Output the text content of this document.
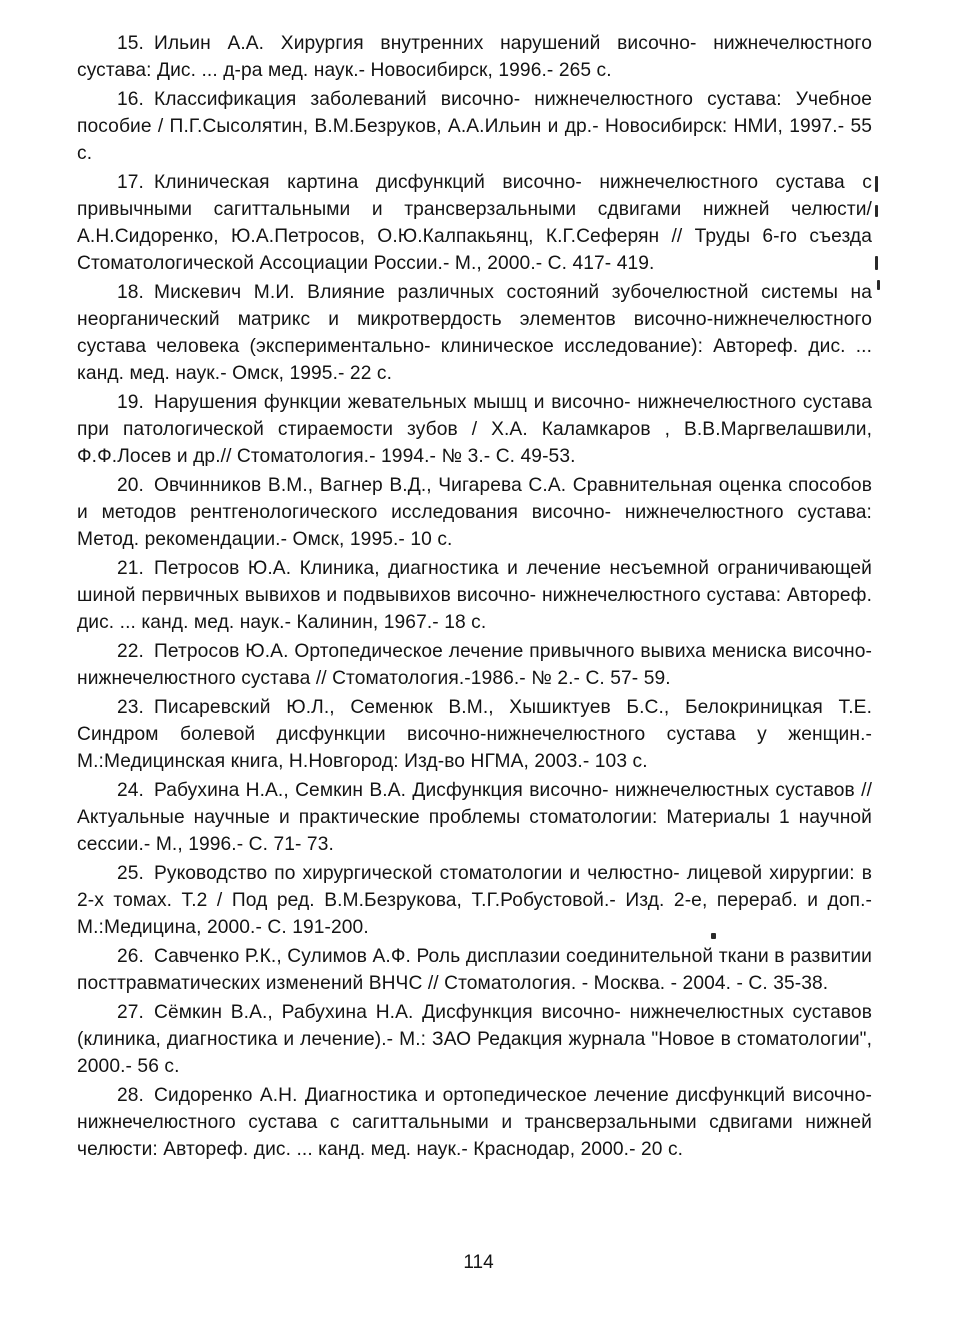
15. Ильин А.А. Хирургия внутренних нарушений височно- нижнечелюстного сустава: Дис. ... д-ра мед. наук.- Новосибирск, 1996.- 265 с.
16. Классификация заболеваний височно- нижнечелюстного сустава: Учебное пособие / П.Г.Сысолятин, В.М.Безруков, А.А.Ильин и др.- Новосибирск: НМИ, 1997.- 55 с.
17. Клиническая картина дисфункций височно- нижнечелюстного сустава с привычными сагиттальными и трансверзальными сдвигами нижней челюсти/ А.Н.Сидоренко, Ю.А.Петросов, О.Ю.Калпакьянц, К.Г.Сеферян // Труды 6-го съезда Стоматологической Ассоциации России.- М., 2000.- С. 417- 419.
18. Мискевич М.И. Влияние различных состояний зубочелюстной системы на неорганический матрикс и микротвердость элементов височно-нижнечелюстного сустава человека (экспериментально- клиническое исследование): Автореф. дис. ... канд. мед. наук.- Омск, 1995.- 22 с.
19. Нарушения функции жевательных мышц и височно- нижнечелюстного сустава при патологической стираемости зубов / Х.А. Каламкаров , В.В.Маргвелашвили, Ф.Ф.Лосев и др.// Стоматология.- 1994.- № 3.- С. 49-53.
20. Овчинников В.М., Вагнер В.Д., Чигарева С.А. Сравнительная оценка способов и методов рентгенологического исследования височно- нижнечелюстного сустава: Метод. рекомендации.- Омск, 1995.- 10 с.
21. Петросов Ю.А. Клиника, диагностика и лечение несъемной ограничивающей шиной первичных вывихов и подвывихов височно- нижнечелюстного сустава: Автореф. дис. ... канд. мед. наук.- Калинин, 1967.- 18 с.
22. Петросов Ю.А. Ортопедическое лечение привычного вывиха мениска височно- нижнечелюстного сустава // Стоматология.-1986.- № 2.- С. 57- 59.
23. Писаревский Ю.Л., Семенюк В.М., Хышиктуев Б.С., Белокриницкая Т.Е. Синдром болевой дисфункции височно-нижнечелюстного сустава у женщин.- М.:Медицинская книга, Н.Новгород: Изд-во НГМА, 2003.- 103 с.
24. Рабухина Н.А., Семкин В.А. Дисфункция височно- нижнечелюстных суставов // Актуальные научные и практические проблемы стоматологии: Материалы 1 научной сессии.- М., 1996.- С. 71- 73.
25. Руководство по хирургической стоматологии и челюстно- лицевой хирургии: в 2-х томах. Т.2 / Под ред. В.М.Безрукова, Т.Г.Робустовой.- Изд. 2-е, перераб. и доп.- М.:Медицина, 2000.- С. 191-200.
26. Савченко Р.К., Сулимов А.Ф. Роль дисплазии соединительной ткани в развитии посттравматических изменений ВНЧС // Стоматология. - Москва. - 2004. - С. 35-38.
27. Сёмкин В.А., Рабухина Н.А. Дисфункция височно- нижнечелюстных суставов (клиника, диагностика и лечение).- М.: ЗАО Редакция журнала "Новое в стоматологии", 2000.- 56 с.
28. Сидоренко А.Н. Диагностика и ортопедическое лечение дисфункций височно- нижнечелюстного сустава с сагиттальными и трансверзальными сдвигами нижней челюсти: Автореф. дис. ... канд. мед. наук.- Краснодар, 2000.- 20 с.

114
